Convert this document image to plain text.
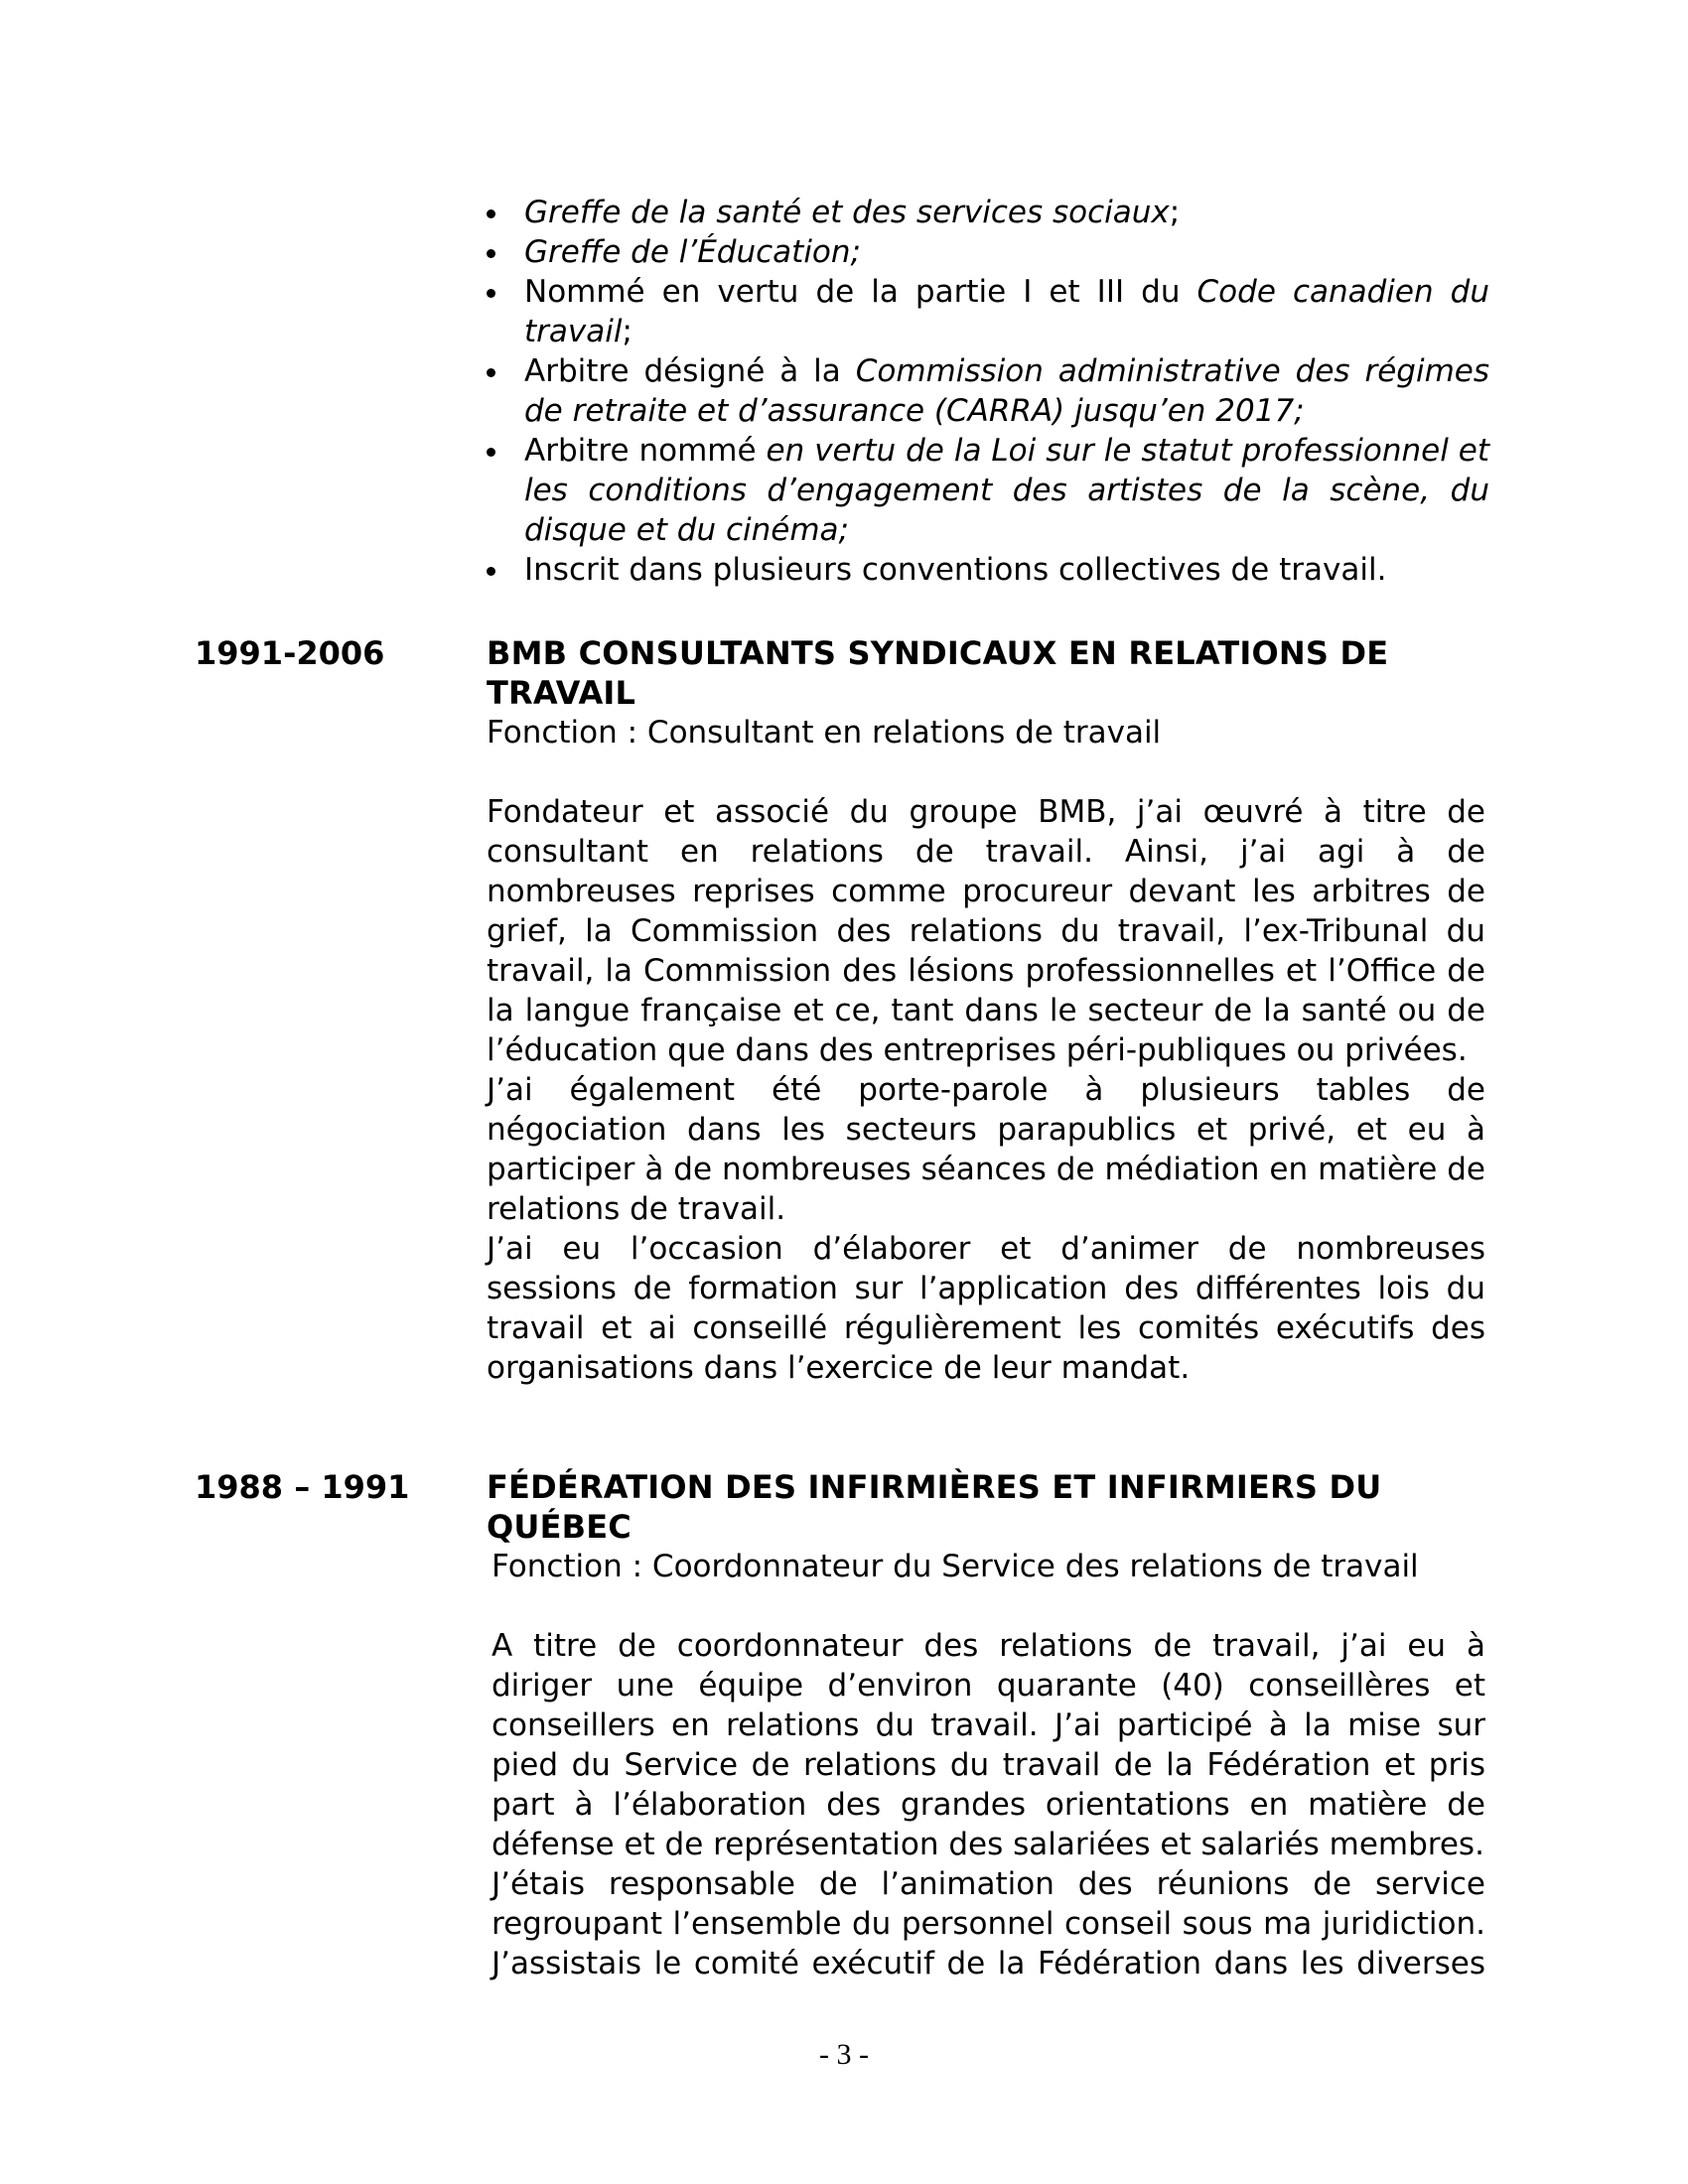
Greffe de la santé et des services sociaux;
Greffe de l’Éducation;
Nommé en vertu de la partie I et III du Code canadien du travail;
Arbitre désigné à la Commission administrative des régimes de retraite et d’assurance (CARRA) jusqu’en 2017;
Arbitre nommé en vertu de la Loi sur le statut professionnel et les conditions d’engagement des artistes de la scène, du disque et du cinéma;
Inscrit dans plusieurs conventions collectives de travail.
1991-2006	BMB CONSULTANTS SYNDICAUX EN RELATIONS DE TRAVAIL

Fonction : Consultant en relations de travail

Fondateur et associé du groupe BMB, j’ai œuvré à titre de consultant en relations de travail. Ainsi, j’ai agi à de nombreuses reprises comme procureur devant les arbitres de grief, la Commission des relations du travail, l’ex-Tribunal du travail, la Commission des lésions professionnelles et l’Office de la langue française et ce, tant dans le secteur de la santé ou de l’éducation que dans des entreprises péri-publiques ou privées.

J’ai également été porte-parole à plusieurs tables de négociation dans les secteurs parapublics et privé, et eu à participer à de nombreuses séances de médiation en matière de relations de travail.

J’ai eu l’occasion d’élaborer et d’animer de nombreuses sessions de formation sur l’application des différentes lois du travail et ai conseillé régulièrement les comités exécutifs des organisations dans l’exercice de leur mandat.

1988 – 1991 FÉDÉRATION DES INFIRMIÈRES ET INFIRMIERS DU QUÉBEC

Fonction : Coordonnateur du Service des relations de travail

A titre de coordonnateur des relations de travail, j’ai eu à diriger une équipe d’environ quarante (40) conseillères et conseillers en relations du travail. J’ai participé à la mise sur pied du Service de relations du travail de la Fédération et pris part à l’élaboration des grandes orientations en matière de défense et de représentation des salariées et salariés membres.

J’étais responsable de l’animation des réunions de service regroupant l’ensemble du personnel conseil sous ma juridiction. J’assistais le comité exécutif de la Fédération dans les diverses

- 3 -
